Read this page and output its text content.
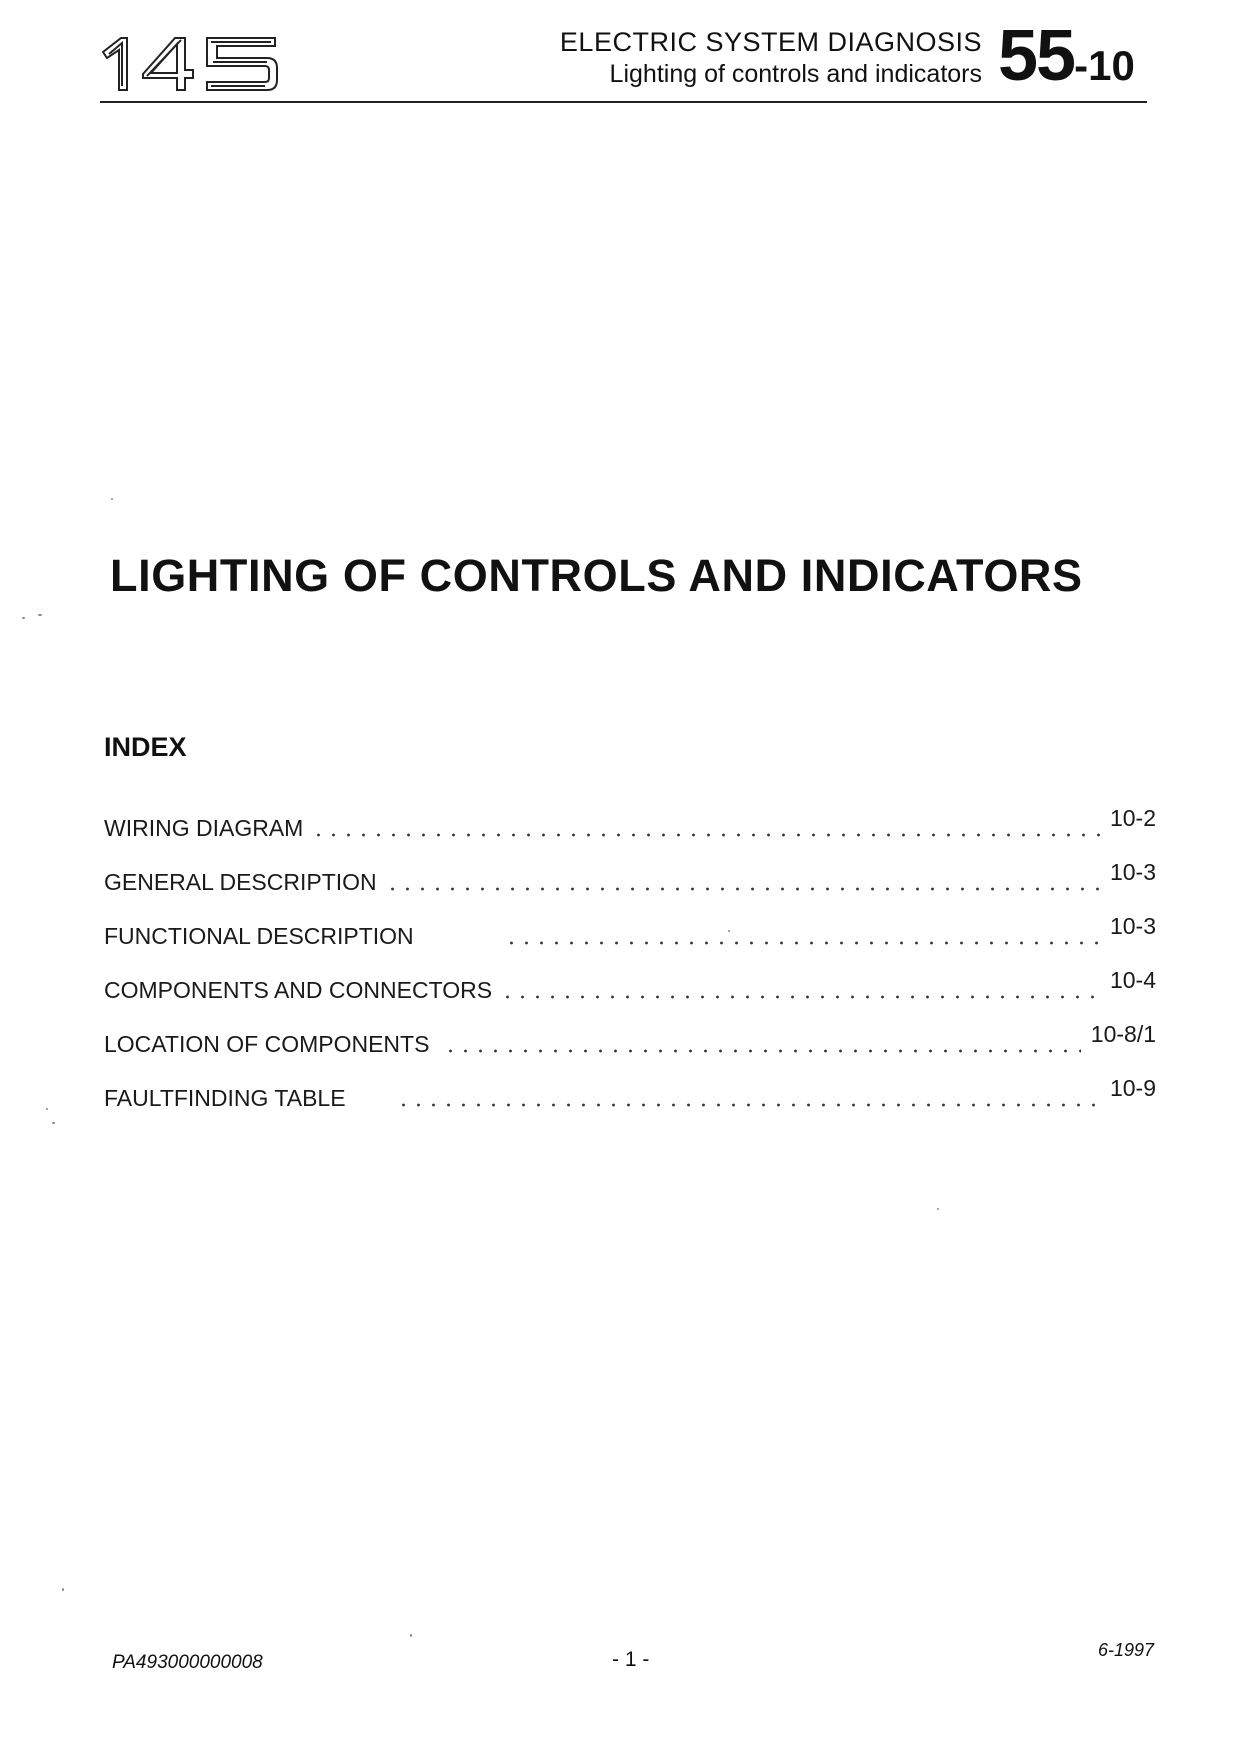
ELECTRIC SYSTEM DIAGNOSIS
Lighting of controls and indicators 55-10
LIGHTING OF CONTROLS AND INDICATORS
INDEX
WIRING DIAGRAM	10-2
GENERAL DESCRIPTION	10-3
FUNCTIONAL DESCRIPTION	10-3
COMPONENTS AND CONNECTORS	10-4
LOCATION OF COMPONENTS	10-8/1
FAULTFINDING TABLE	10-9
PA493000000008	- 1 -	6-1997
